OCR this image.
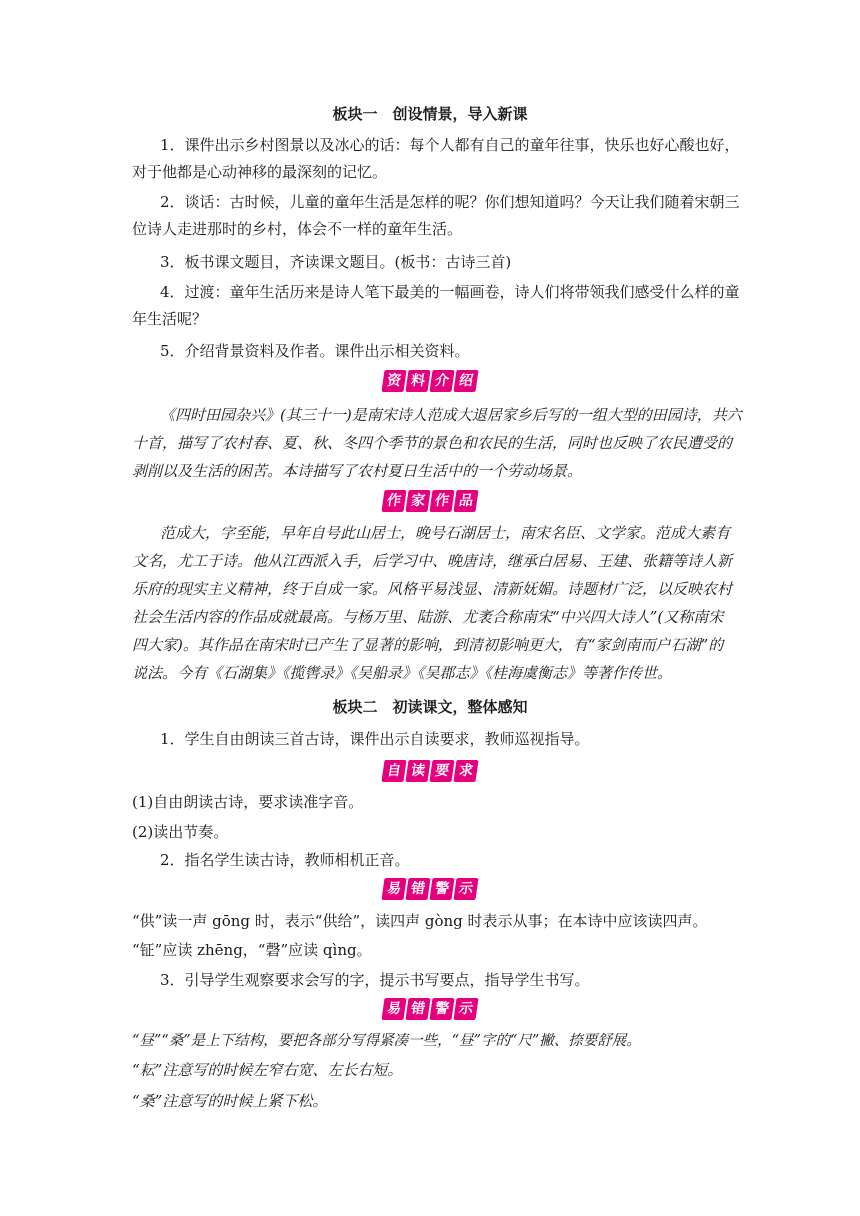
板块一　创设情景，导入新课
1．课件出示乡村图景以及冰心的话：每个人都有自己的童年往事，快乐也好心酸也好，
对于他都是心动神移的最深刻的记忆。
2．谈话：古时候，儿童的童年生活是怎样的呢？你们想知道吗？今天让我们随着宋朝三
位诗人走进那时的乡村，体会不一样的童年生活。
3．板书课文题目，齐读课文题目。(板书：古诗三首)
4．过渡：童年生活历来是诗人笔下最美的一幅画卷，诗人们将带领我们感受什么样的童
年生活呢？
5．介绍背景资料及作者。课件出示相关资料。
资 料 介 绍
《四时田园杂兴》(其三十一)是南宋诗人范成大退居家乡后写的一组大型的田园诗，共六
十首，描写了农村春、夏、秋、冬四个季节的景色和农民的生活，同时也反映了农民遭受的
剥削以及生活的困苦。本诗描写了农村夏日生活中的一个劳动场景。
作 家 作 品
范成大，字至能，早年自号此山居士，晚号石湖居士，南宋名臣、文学家。范成大素有
文名，尤工于诗。他从江西派入手，后学习中、晚唐诗，继承白居易、王建、张籍等诗人新
乐府的现实主义精神，终于自成一家。风格平易浅显、清新妩媚。诗题材广泛，以反映农村
社会生活内容的作品成就最高。与杨万里、陆游、尤袤合称南宋“中兴四大诗人”(又称南宋
四大家)。其作品在南宋时已产生了显著的影响，到清初影响更大，有“家剑南而户石湖”的
说法。今有《石湖集》《揽辔录》《吴船录》《吴郡志》《桂海虞衡志》等著作传世。
板块二　初读课文，整体感知
1．学生自由朗读三首古诗，课件出示自读要求，教师巡视指导。
自 读 要 求
(1)自由朗读古诗，要求读准字音。
(2)读出节奏。
2．指名学生读古诗，教师相机正音。
易 错 警 示
“供”读一声 gōng 时，表示“供给”，读四声 gòng 时表示从事；在本诗中应该读四声。
“钲”应读 zhēng，“磬”应读 qìng。
3．引导学生观察要求会写的字，提示书写要点，指导学生书写。
易 错 警 示
“昼”“桑”是上下结构，要把各部分写得紧凑一些，“昼”字的“尺”撇、捺要舒展。
“耘”注意写的时候左窄右宽、左长右短。
“桑”注意写的时候上紧下松。
